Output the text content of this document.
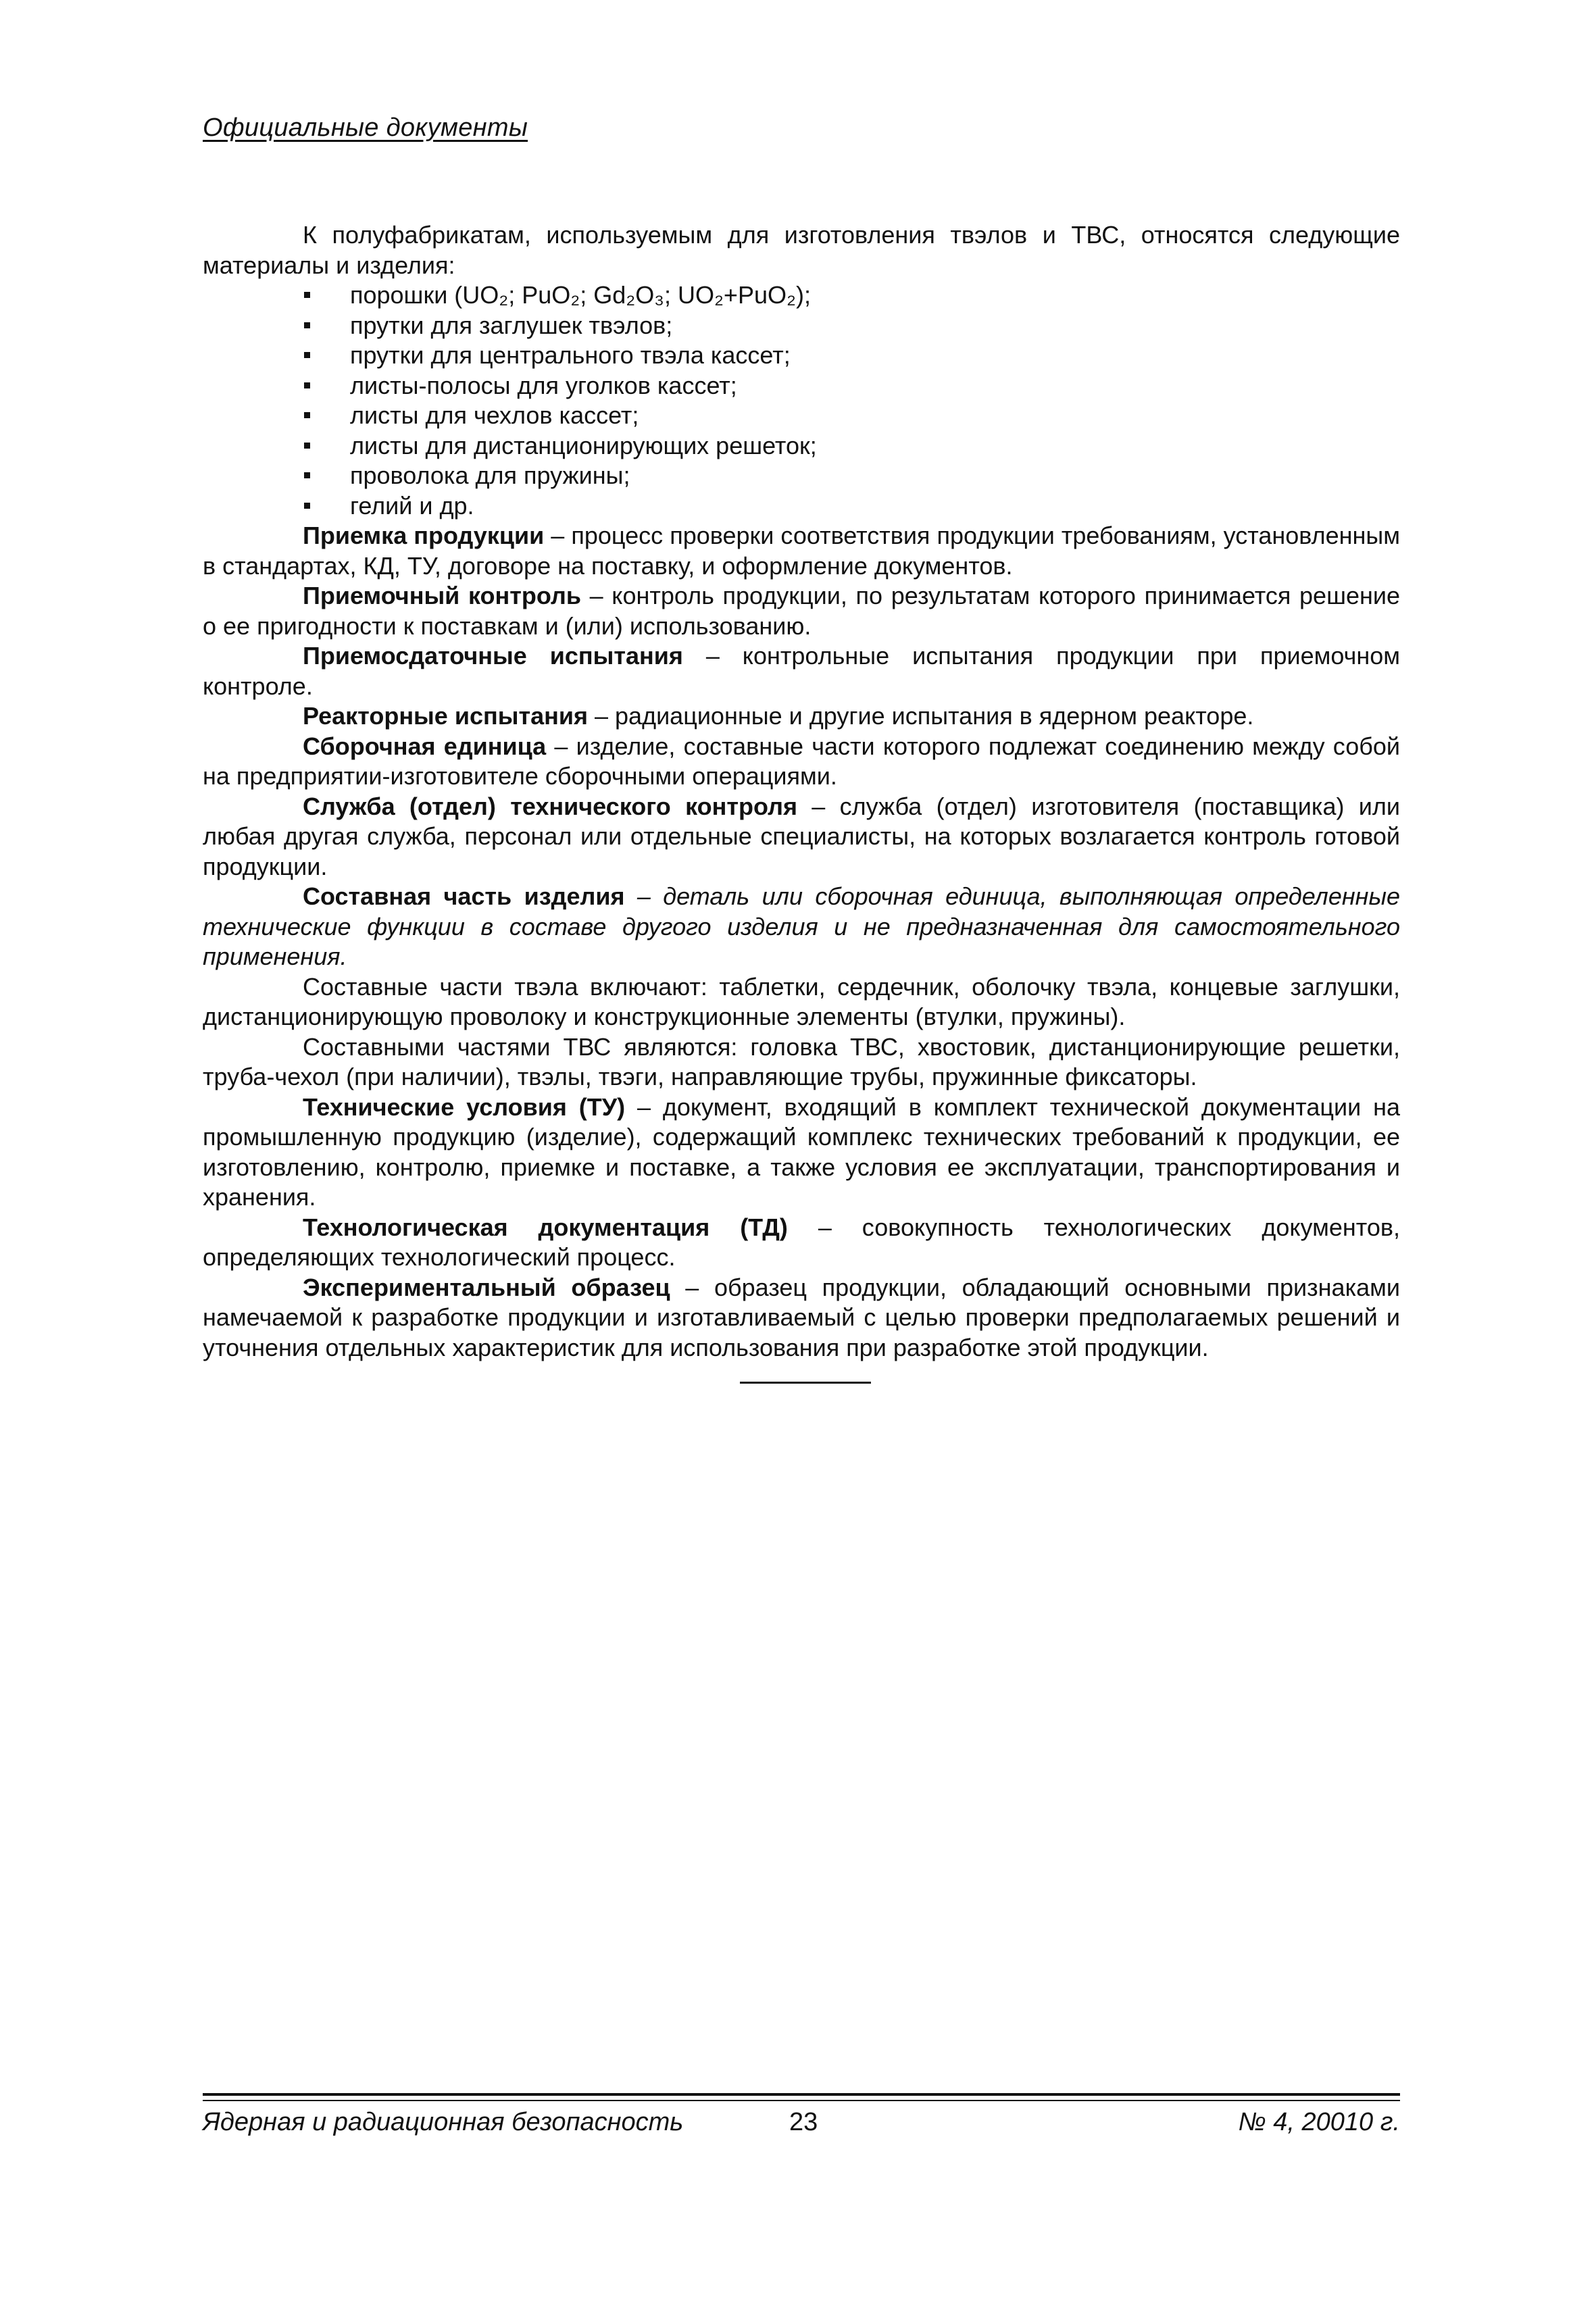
Официальные документы

К полуфабрикатам, используемым для изготовления твэлов и ТВС, относятся следующие материалы и изделия:

порошки (UO₂; PuO₂; Gd₂O₃; UO₂+PuO₂);
прутки для заглушек твэлов;
прутки для центрального твэла кассет;
листы-полосы для уголков кассет;
листы для чехлов кассет;
листы для дистанционирующих решеток;
проволока для пружины;
гелий и др.

Приемка продукции – процесс проверки соответствия продукции требованиям, установленным в стандартах, КД, ТУ, договоре на поставку, и оформление документов.

Приемочный контроль – контроль продукции, по результатам которого принимается решение о ее пригодности к поставкам и (или) использованию.

Приемосдаточные испытания – контрольные испытания продукции при приемочном контроле.

Реакторные испытания – радиационные и другие испытания в ядерном реакторе.

Сборочная единица – изделие, составные части которого подлежат соединению между собой на предприятии-изготовителе сборочными операциями.

Служба (отдел) технического контроля – служба (отдел) изготовителя (поставщика) или любая другая служба, персонал или отдельные специалисты, на которых возлагается контроль готовой продукции.

Составная часть изделия – деталь или сборочная единица, выполняющая определенные технические функции в составе другого изделия и не предназначенная для самостоятельного применения.

Составные части твэла включают: таблетки, сердечник, оболочку твэла, концевые заглушки, дистанционирующую проволоку и конструкционные элементы (втулки, пружины).

Составными частями ТВС являются: головка ТВС, хвостовик, дистанционирующие решетки, труба-чехол (при наличии), твэлы, твэги, направляющие трубы, пружинные фиксаторы.

Технические условия (ТУ) – документ, входящий в комплект технической документации на промышленную продукцию (изделие), содержащий комплекс технических требований к продукции, ее изготовлению, контролю, приемке и поставке, а также условия ее эксплуатации, транспортирования и хранения.

Технологическая документация (ТД) – совокупность технологических документов, определяющих технологический процесс.

Экспериментальный образец – образец продукции, обладающий основными признаками намечаемой к разработке продукции и изготавливаемый с целью проверки предполагаемых решений и уточнения отдельных характеристик для использования при разработке этой продукции.

Ядерная и радиационная безопасность	23	№ 4, 20010 г.
